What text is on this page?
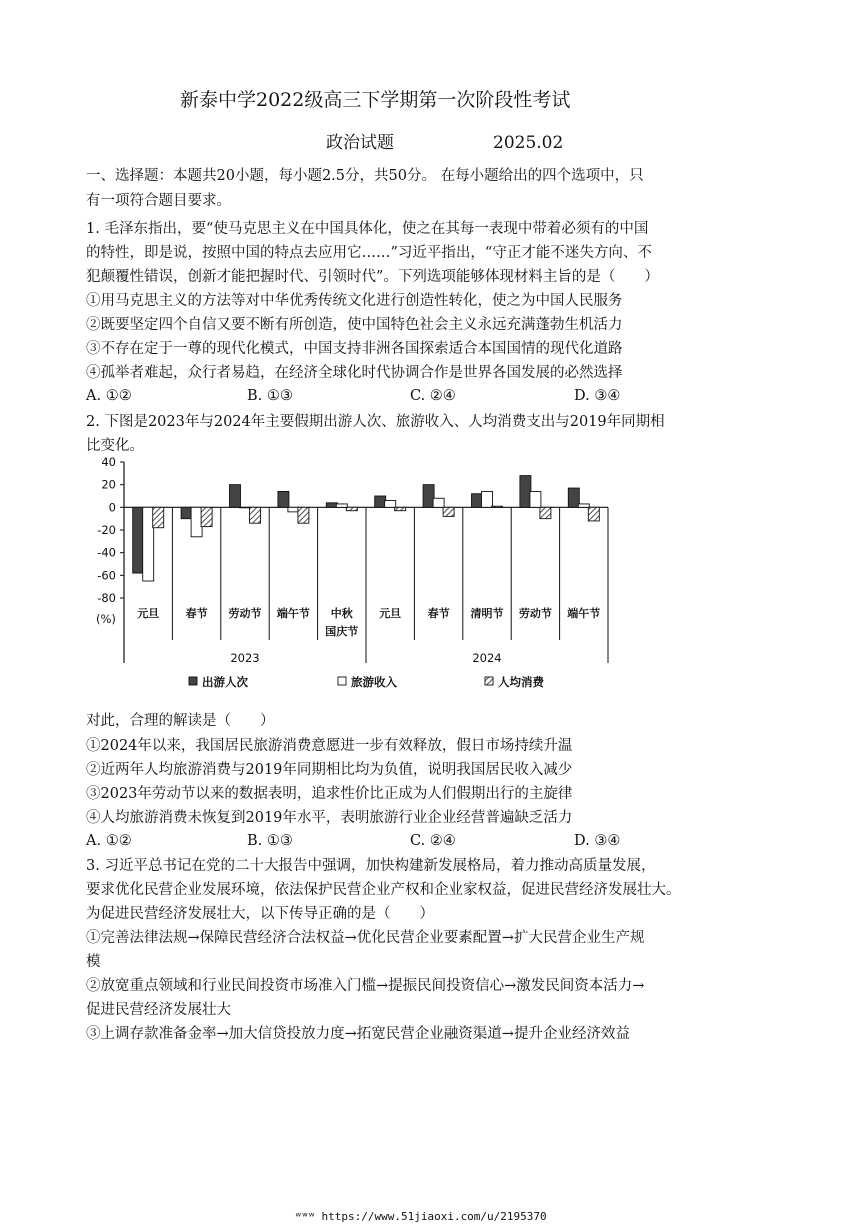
新泰中学2022级高三下学期第一次阶段性考试
政治试题	2025.02
一、选择题：本题共20小题，每小题2.5分，共50分。 在每小题给出的四个选项中，只
有一项符合题目要求。
1. 毛泽东指出，要“使马克思主义在中国具体化，使之在其每一表现中带着必须有的中国
的特性，即是说，按照中国的特点去应用它……”习近平指出，“守正才能不迷失方向、不
犯颠覆性错误，创新才能把握时代、引领时代”。下列选项能够体现材料主旨的是（　　）
①用马克思主义的方法等对中华优秀传统文化进行创造性转化，使之为中国人民服务
②既要坚定四个自信又要不断有所创造，使中国特色社会主义永远充满蓬勃生机活力
③不存在定于一尊的现代化模式，中国支持非洲各国探索适合本国国情的现代化道路
④孤举者难起，众行者易趋，在经济全球化时代协调合作是世界各国发展的必然选择
A. ①②	B. ①③	C. ②④	D. ③④
2. 下图是2023年与2024年主要假期出游人次、旅游收入、人均消费支出与2019年同期相
比变化。
40
20
0
-20
-40
-60
-80
(%) 元旦 春节 劳动节 端午节 中秋
国庆节
元旦 春节 清明节 劳动节 端午节
2023	2024
出游人次	旅游收入	人均消费
对此，合理的解读是（　　）
①2024年以来，我国居民旅游消费意愿进一步有效释放，假日市场持续升温
②近两年人均旅游消费与2019年同期相比均为负值，说明我国居民收入减少
③2023年劳动节以来的数据表明，追求性价比正成为人们假期出行的主旋律
④人均旅游消费未恢复到2019年水平，表明旅游行业企业经营普遍缺乏活力
A. ①②	B. ①③	C. ②④	D. ③④
3. 习近平总书记在党的二十大报告中强调，加快构建新发展格局，着力推动高质量发展，
要求优化民营企业发展环境，依法保护民营企业产权和企业家权益，促进民营经济发展壮大。
为促进民营经济发展壮大，以下传导正确的是（　　）
①完善法律法规→保障民营经济合法权益→优化民营企业要素配置→扩大民营企业生产规
模
②放宽重点领域和行业民间投资市场准入门槛→提振民间投资信心→激发民间资本活力→
促进民营经济发展壮大
③上调存款准备金率→加大信贷投放力度→拓宽民营企业融资渠道→提升企业经济效益
ʷʷʷ https://www.51jiaoxi.com/u/2195370
